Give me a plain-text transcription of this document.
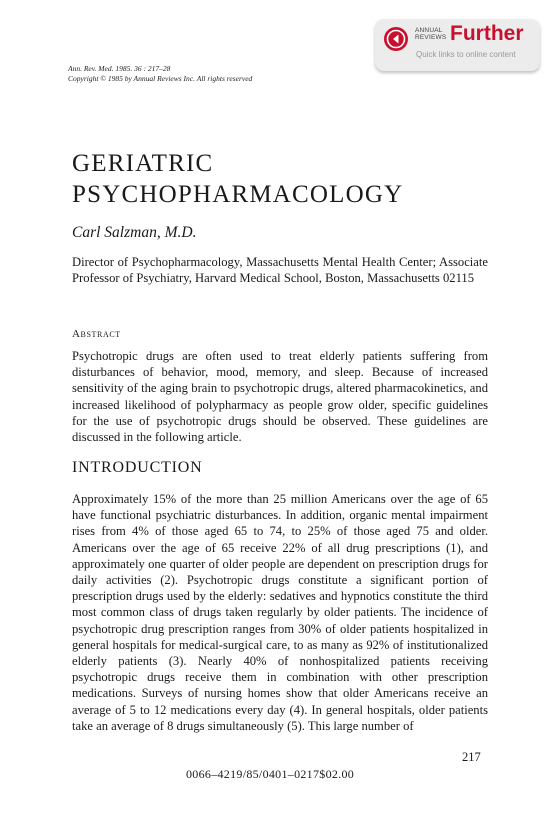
ANNUAL
REVIEWS Further
Quick links to online content
Ann. Rev. Med. 1985. 36 : 217–28
Copyright © 1985 by Annual Reviews Inc. All rights reserved
GERIATRIC
PSYCHOPHARMACOLOGY
Carl Salzman, M.D.
Director of Psychopharmacology, Massachusetts Mental Health Center; Associate Professor of Psychiatry, Harvard Medical School, Boston, Massachusetts 02115
Abstract
Psychotropic drugs are often used to treat elderly patients suffering from disturbances of behavior, mood, memory, and sleep. Because of increased sensitivity of the aging brain to psychotropic drugs, altered pharmacokinetics, and increased likelihood of polypharmacy as people grow older, specific guidelines for the use of psychotropic drugs should be observed. These guidelines are discussed in the following article.
INTRODUCTION
Approximately 15% of the more than 25 million Americans over the age of 65 have functional psychiatric disturbances. In addition, organic mental impairment rises from 4% of those aged 65 to 74, to 25% of those aged 75 and older. Americans over the age of 65 receive 22% of all drug prescriptions (1), and approximately one quarter of older people are dependent on prescription drugs for daily activities (2). Psychotropic drugs constitute a significant portion of prescription drugs used by the elderly: sedatives and hypnotics constitute the third most common class of drugs taken regularly by older patients. The incidence of psychotropic drug prescription ranges from 30% of older patients hospitalized in general hospitals for medical-surgical care, to as many as 92% of institutionalized elderly patients (3). Nearly 40% of nonhospitalized patients receiving psychotropic drugs receive them in combination with other prescription medications. Surveys of nursing homes show that older Americans receive an average of 5 to 12 medications every day (4). In general hospitals, older patients take an average of 8 drugs simultaneously (5). This large number of
217
0066–4219/85/0401–0217$02.00
